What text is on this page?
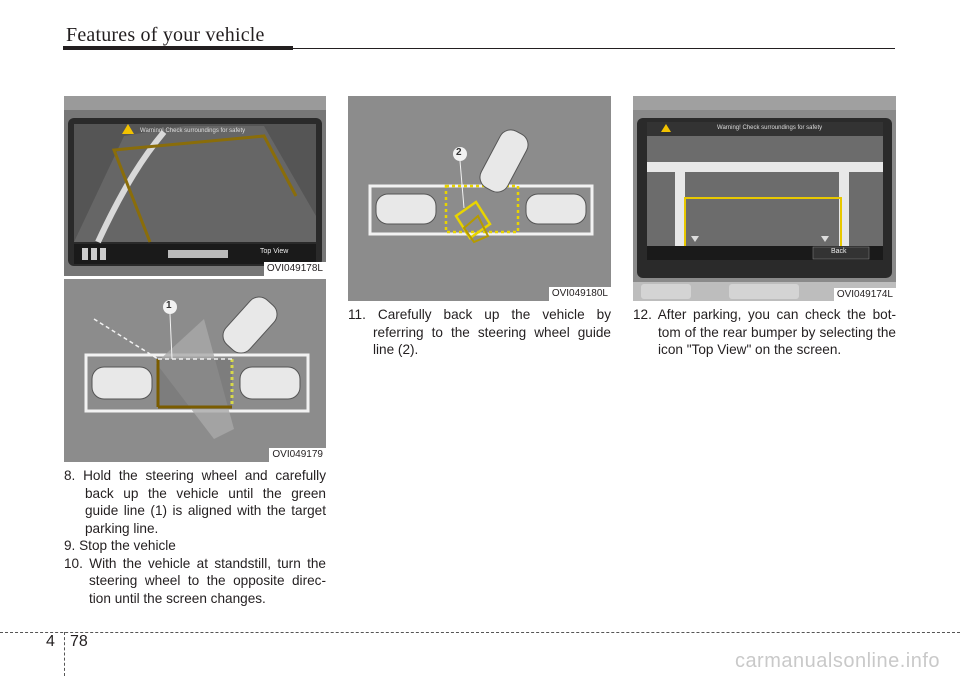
Features of your vehicle
Warning! Check surroundings for safety
Top View
OVI049178L
1
OVI049179
2
OVI049180L
Warning! Check surroundings for safety
Back
OVI049174L

8. Hold the steering wheel and carefully back up the vehicle until the green guide line (1) is aligned with the target parking line.

9. Stop the vehicle

10. With the vehicle at standstill, turn the steering wheel to the opposite direc-tion until the screen changes.

11. Carefully back up the vehicle by referring to the steering wheel guide line (2).

12. After parking, you can check the bot-tom of the rear bumper by selecting the icon "Top View" on the screen.

4 78
carmanualsonline.info
